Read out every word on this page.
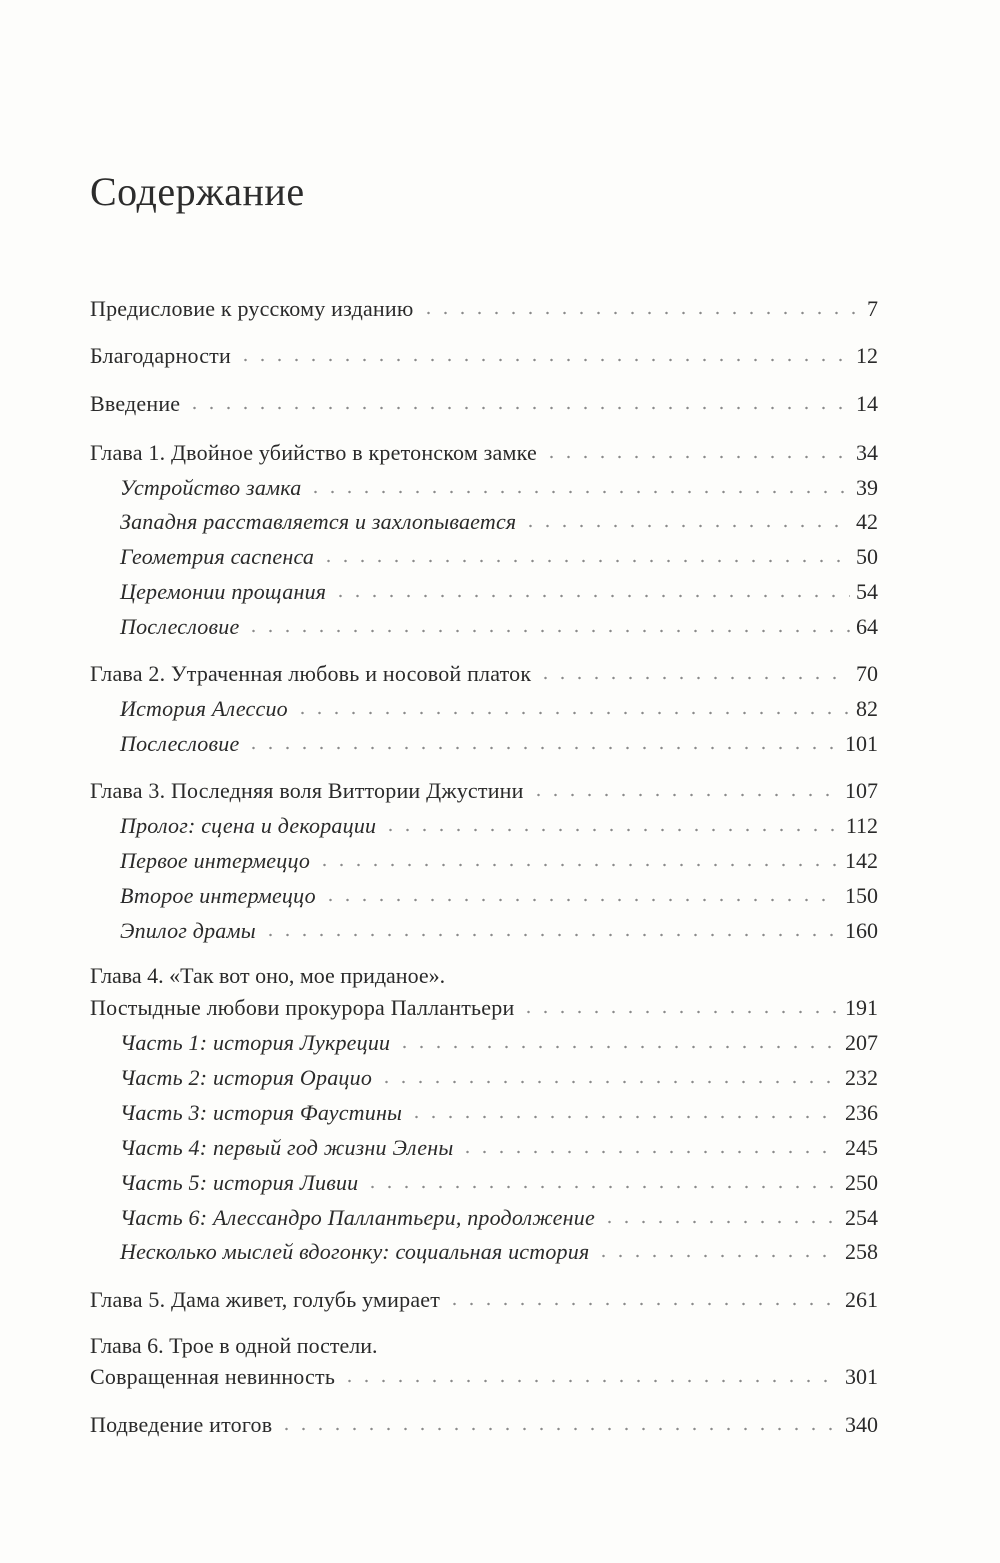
Содержание
Предисловие к русскому изданию	7
Благодарности	12
Введение	14
Глава 1. Двойное убийство в кретонском замке	34
Устройство замка	39
Западня расставляется и захлопывается	42
Геометрия саспенса	50
Церемонии прощания	54
Послесловие	64
Глава 2. Утраченная любовь и носовой платок	70
История Алессио	82
Послесловие	101
Глава 3. Последняя воля Виттории Джустини	107
Пролог: сцена и декорации	112
Первое интермеццо	142
Второе интермеццо	150
Эпилог драмы	160
Глава 4. «Так вот оно, мое приданое».
Постыдные любови прокурора Паллантьери	191
Часть 1: история Лукреции	207
Часть 2: история Орацио	232
Часть 3: история Фаустины	236
Часть 4: первый год жизни Элены	245
Часть 5: история Ливии	250
Часть 6: Алессандро Паллантьери, продолжение	254
Несколько мыслей вдогонку: социальная история	258
Глава 5. Дама живет, голубь умирает	261
Глава 6. Трое в одной постели.
Совращенная невинность	301
Подведение итогов	340
